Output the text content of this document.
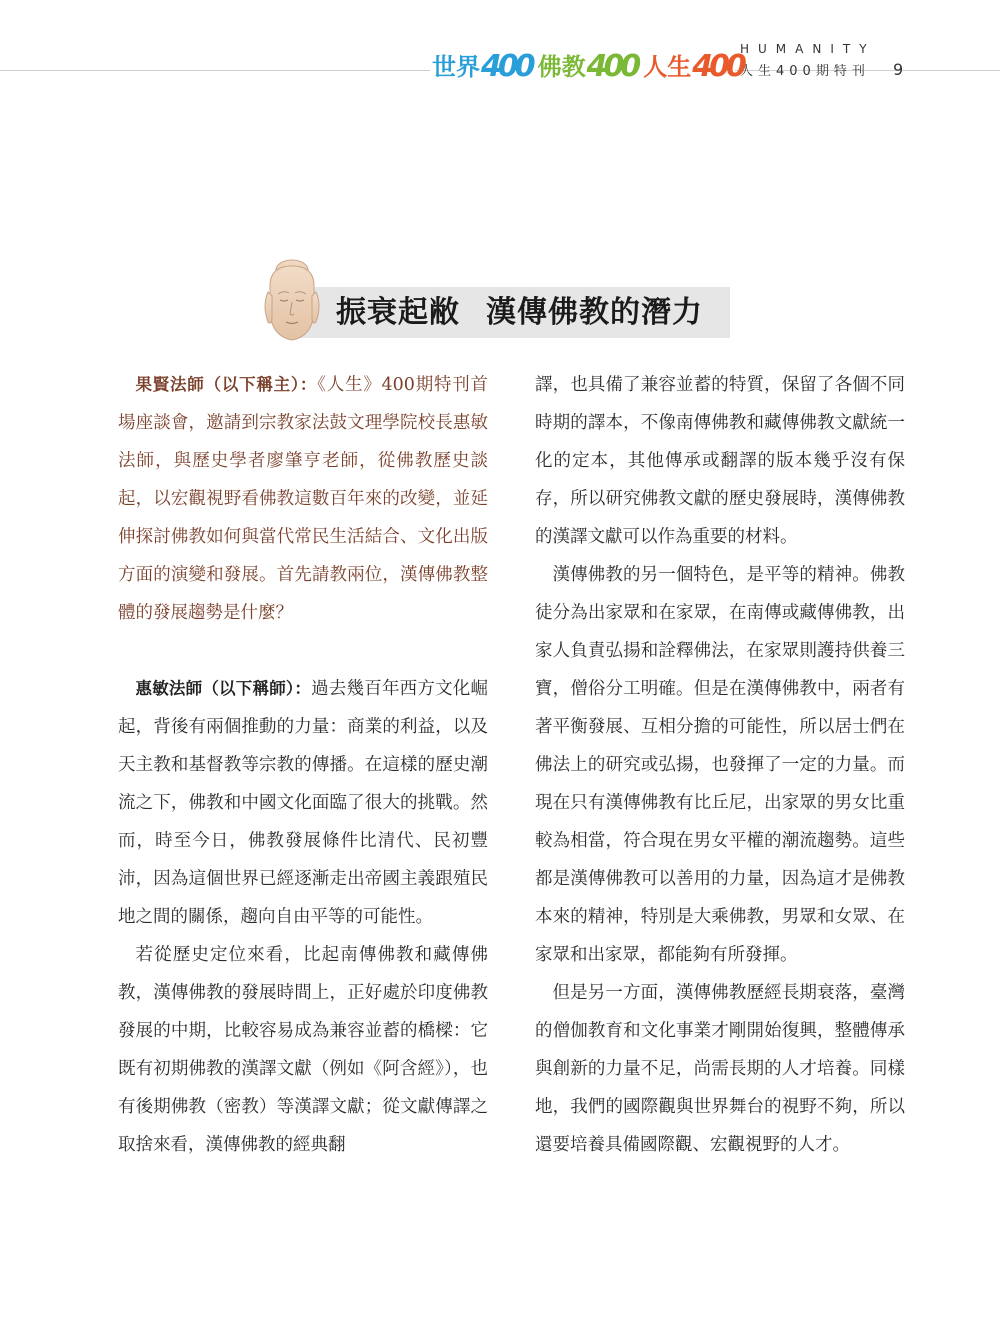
世界 400 佛教 400 人生 400
HUMANITY
人生400期特刊	9
振衰起敝 漢傳佛教的潛力

果賢法師（以下稱主）：《人生》400期特刊首場座談會，邀請到宗教家法鼓文理學院校長惠敏法師，與歷史學者廖肇亨老師，從佛教歷史談起，以宏觀視野看佛教這數百年來的改變，並延伸探討佛教如何與當代常民生活結合、文化出版方面的演變和發展。首先請教兩位，漢傳佛教整體的發展趨勢是什麼？

惠敏法師（以下稱師）：過去幾百年西方文化崛起，背後有兩個推動的力量：商業的利益，以及天主教和基督教等宗教的傳播。在這樣的歷史潮流之下，佛教和中國文化面臨了很大的挑戰。然而，時至今日，佛教發展條件比清代、民初豐沛，因為這個世界已經逐漸走出帝國主義跟殖民地之間的關係，趨向自由平等的可能性。

若從歷史定位來看，比起南傳佛教和藏傳佛教，漢傳佛教的發展時間上，正好處於印度佛教發展的中期，比較容易成為兼容並蓄的橋樑：它既有初期佛教的漢譯文獻（例如《阿含經》），也有後期佛教（密教）等漢譯文獻；從文獻傳譯之取捨來看，漢傳佛教的經典翻

譯，也具備了兼容並蓄的特質，保留了各個不同時期的譯本，不像南傳佛教和藏傳佛教文獻統一化的定本，其他傳承或翻譯的版本幾乎沒有保存，所以研究佛教文獻的歷史發展時，漢傳佛教的漢譯文獻可以作為重要的材料。

漢傳佛教的另一個特色，是平等的精神。佛教徒分為出家眾和在家眾，在南傳或藏傳佛教，出家人負責弘揚和詮釋佛法，在家眾則護持供養三寶，僧俗分工明確。但是在漢傳佛教中，兩者有著平衡發展、互相分擔的可能性，所以居士們在佛法上的研究或弘揚，也發揮了一定的力量。而現在只有漢傳佛教有比丘尼，出家眾的男女比重較為相當，符合現在男女平權的潮流趨勢。這些都是漢傳佛教可以善用的力量，因為這才是佛教本來的精神，特別是大乘佛教，男眾和女眾、在家眾和出家眾，都能夠有所發揮。

但是另一方面，漢傳佛教歷經長期衰落，臺灣的僧伽教育和文化事業才剛開始復興，整體傳承與創新的力量不足，尚需長期的人才培養。同樣地，我們的國際觀與世界舞台的視野不夠，所以還要培養具備國際觀、宏觀視野的人才。
